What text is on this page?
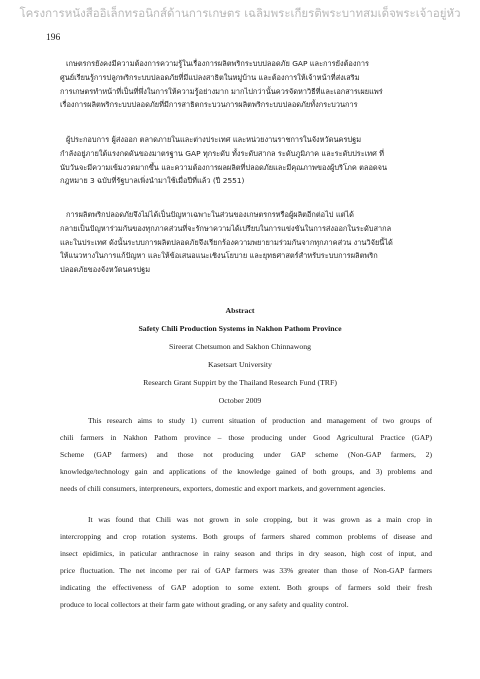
โครงการหนังสืออิเล็กทรอนิกส์ด้านการเกษตร เฉลิมพระเกียรติพระบาทสมเด็จพระเจ้าอยู่หัว
196
เกษตรกรยังคงมีความต้องการความรู้ในเรื่องการผลิตพริกระบบปลอดภัย GAP และการยังต้องการ
ศูนย์เรียนรู้การปลูกพริกระบบปลอดภัยที่มีแปลงสาธิตในหมู่บ้าน และต้องการให้เจ้าหน้าที่ส่งเสริม
การเกษตรทำหน้าที่เป็นที่พึ่งในการให้ความรู้อย่างมาก มากไปกว่านั้นควรจัดหาวิธีที่และเอกสารเผยแพร่
เรื่องการผลิตพริกระบบปลอดภัยที่มีการสาธิตกระบวนการผลิตพริกระบบปลอดภัยทั้งกระบวนการ
ผู้ประกอบการ ผู้ส่งออก ตลาดภายในและต่างประเทศ และหน่วยงานราชการในจังหวัดนครปฐม
กำลังอยู่ภายใต้แรงกดดันของมาตรฐาน GAP ทุกระดับ ทั้งระดับสากล ระดับภูมิภาค และระดับประเทศ ที่
นับวันจะมีความเข้มงวดมากขึ้น และความต้องการผลผลิตที่ปลอดภัยและมีคุณภาพของผู้บริโภค ตลอดจน
กฎหมาย 3 ฉบับที่รัฐบาลเพิ่งนำมาใช้เมื่อปีที่แล้ว (ปี 2551)
การผลิตพริกปลอดภัยจึงไม่ได้เป็นปัญหาเฉพาะในส่วนของเกษตรกรหรือผู้ผลิตอีกต่อไป แต่ได้
กลายเป็นปัญหาร่วมกันของทุกภาคส่วนที่จะรักษาความได้เปรียบในการแข่งขันในการส่งออกในระดับสากล
และในประเทศ ดังนั้นระบบการผลิตปลอดภัยจึงเรียกร้องความพยายามร่วมกันจากทุกภาคส่วน งานวิจัยนี้ได้
ให้แนวทางในการแก้ปัญหา และให้ข้อเสนอแนะเชิงนโยบาย และยุทธศาสตร์สำหรับระบบการผลิตพริก
ปลอดภัยของจังหวัดนครปฐม
Abstract
Safety Chili Production Systems in Nakhon Pathom Province
Sireerat Chetsumon and Sakhon Chinnawong
Kasetsart University
Research Grant Suppirt by the Thailand Research Fund (TRF)
October 2009
This research aims to study 1) current situation of production and management of two groups of
chili farmers in Nakhon Pathom province – those producing under Good Agricultural Practice (GAP)
Scheme (GAP farmers) and those not producing under GAP scheme (Non-GAP farmers, 2)
knowledge/technology gain and applications of the knowledge gained of both groups, and 3) problems and
needs of chili consumers, interpreneurs, exporters, domestic and export markets, and government agencies.
It was found that Chili was not grown in sole cropping, but it was grown as a main crop in
intercropping and crop rotation systems. Both groups of farmers shared common problems of disease and
insect epidimics, in paticular anthracnose in rainy season and thrips in dry season, high cost of input, and
price fluctuation. The net income per rai of GAP farmers was 33% greater than those of Non-GAP farmers
indicating the effectiveness of GAP adoption to some extent. Both groups of farmers sold their fresh
produce to local collectors at their farm gate without grading, or any safety and quality control.
